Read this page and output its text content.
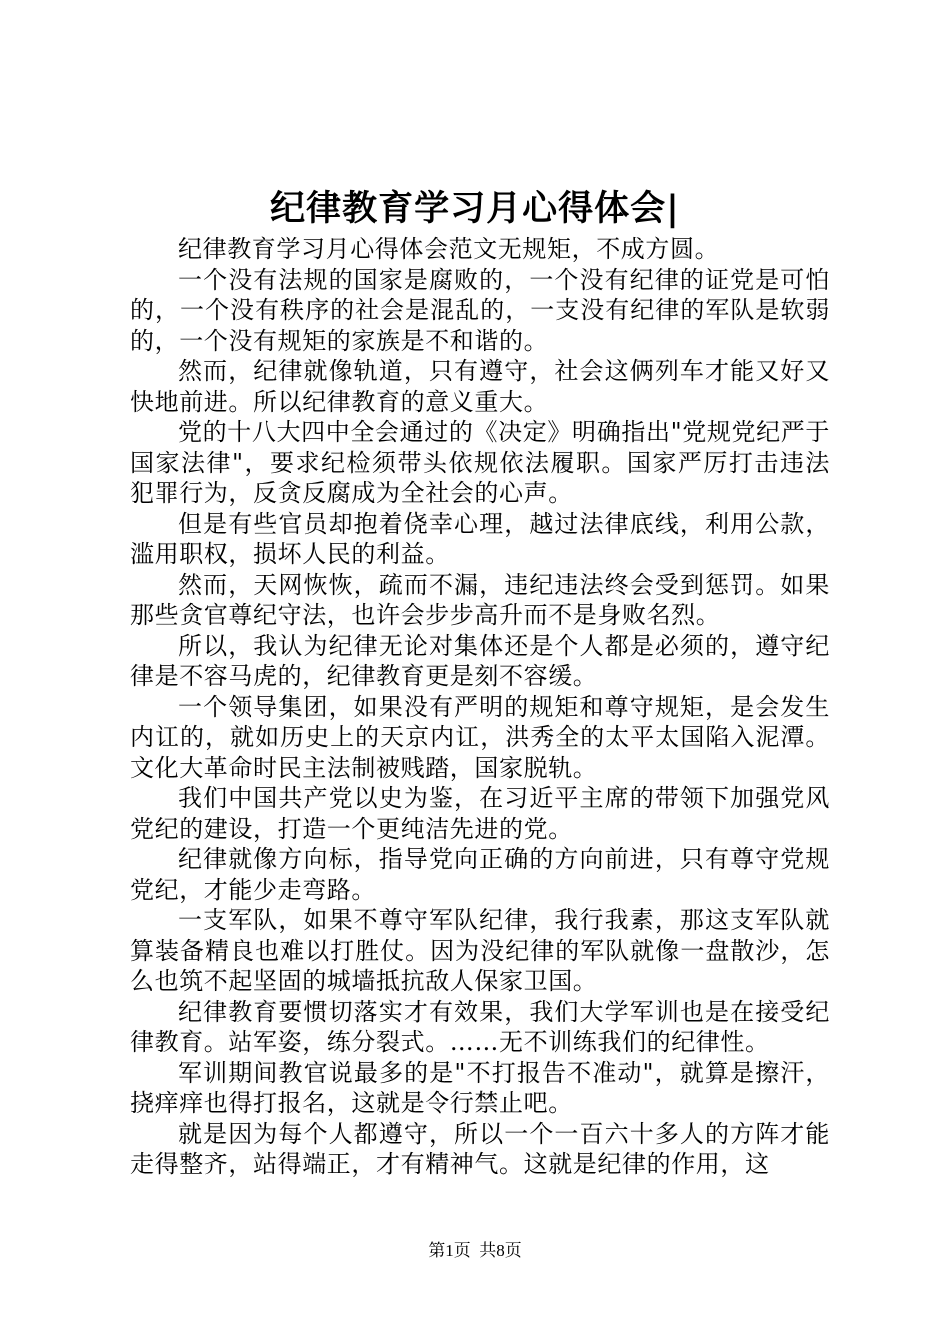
纪律教育学习月心得体会|

纪律教育学习月心得体会范文无规矩，不成方圆。

一个没有法规的国家是腐败的，一个没有纪律的证党是可怕的，一个没有秩序的社会是混乱的，一支没有纪律的军队是软弱的，一个没有规矩的家族是不和谐的。

然而，纪律就像轨道，只有遵守，社会这俩列车才能又好又快地前进。所以纪律教育的意义重大。

党的十八大四中全会通过的《决定》明确指出"党规党纪严于国家法律"，要求纪检须带头依规依法履职。国家严厉打击违法犯罪行为，反贪反腐成为全社会的心声。

但是有些官员却抱着侥幸心理，越过法律底线，利用公款，滥用职权，损坏人民的利益。

然而，天网恢恢，疏而不漏，违纪违法终会受到惩罚。如果那些贪官尊纪守法，也许会步步高升而不是身败名烈。

所以，我认为纪律无论对集体还是个人都是必须的，遵守纪律是不容马虎的，纪律教育更是刻不容缓。

一个领导集团，如果没有严明的规矩和尊守规矩，是会发生内讧的，就如历史上的天京内讧，洪秀全的太平太国陷入泥潭。文化大革命时民主法制被贱踏，国家脱轨。

我们中国共产党以史为鉴，在习近平主席的带领下加强党风党纪的建设，打造一个更纯洁先进的党。

纪律就像方向标，指导党向正确的方向前进，只有尊守党规党纪，才能少走弯路。

一支军队，如果不尊守军队纪律，我行我素，那这支军队就算装备精良也难以打胜仗。因为没纪律的军队就像一盘散沙，怎么也筑不起坚固的城墙抵抗敌人保家卫国。

纪律教育要惯切落实才有效果，我们大学军训也是在接受纪律教育。站军姿，练分裂式。……无不训练我们的纪律性。

军训期间教官说最多的是"不打报告不准动"，就算是擦汗，挠痒痒也得打报名，这就是令行禁止吧。

就是因为每个人都遵守，所以一个一百六十多人的方阵才能走得整齐，站得端正，才有精神气。这就是纪律的作用，这

第1页 共8页
